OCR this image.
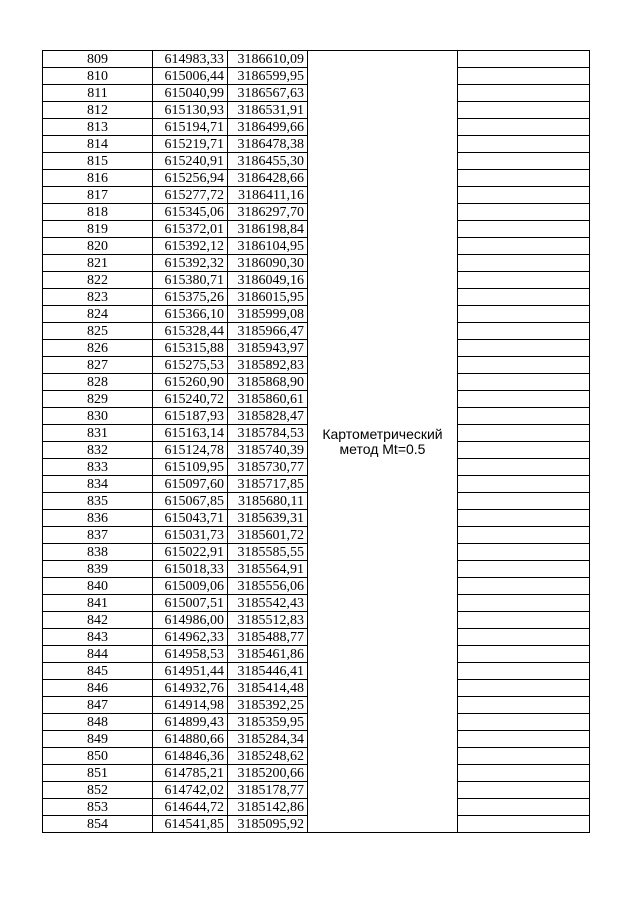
809	614983,33	3186610,09	Картометрический
метод Mt=0.5	

810	615006,44	3186599,95		
811	615040,99	3186567,63		
812	615130,93	3186531,91		
813	615194,71	3186499,66		
814	615219,71	3186478,38		
815	615240,91	3186455,30		
816	615256,94	3186428,66		
817	615277,72	3186411,16		
818	615345,06	3186297,70		
819	615372,01	3186198,84		
820	615392,12	3186104,95		
821	615392,32	3186090,30		
822	615380,71	3186049,16		
823	615375,26	3186015,95		
824	615366,10	3185999,08		
825	615328,44	3185966,47		
826	615315,88	3185943,97		
827	615275,53	3185892,83		
828	615260,90	3185868,90		
829	615240,72	3185860,61		
830	615187,93	3185828,47		
831	615163,14	3185784,53		
832	615124,78	3185740,39		
833	615109,95	3185730,77		
834	615097,60	3185717,85		
835	615067,85	3185680,11		
836	615043,71	3185639,31		
837	615031,73	3185601,72		
838	615022,91	3185585,55		
839	615018,33	3185564,91		
840	615009,06	3185556,06		
841	615007,51	3185542,43		
842	614986,00	3185512,83		
843	614962,33	3185488,77		
844	614958,53	3185461,86		
845	614951,44	3185446,41		
846	614932,76	3185414,48		
847	614914,98	3185392,25		
848	614899,43	3185359,95		
849	614880,66	3185284,34		
850	614846,36	3185248,62		
851	614785,21	3185200,66		
852	614742,02	3185178,77		
853	614644,72	3185142,86		
854	614541,85	3185095,92		
